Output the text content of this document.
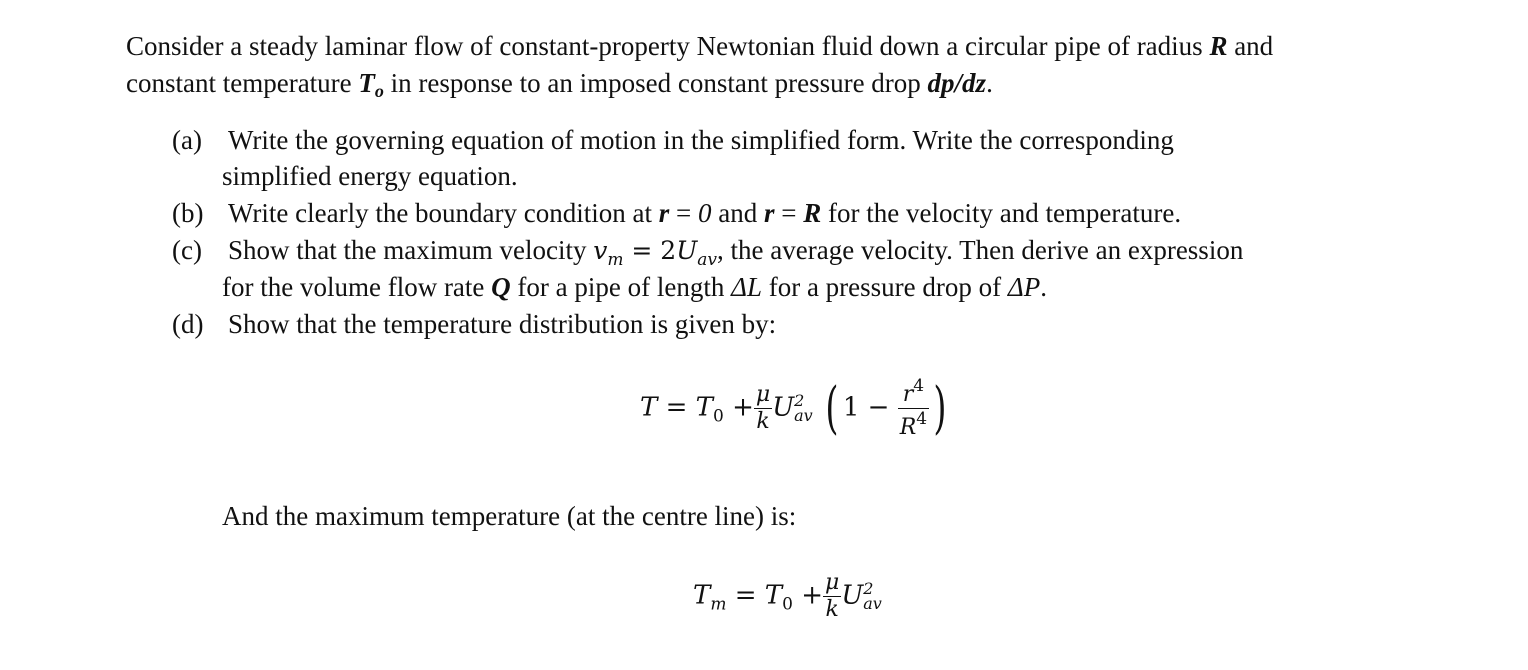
Consider a steady laminar flow of constant-property Newtonian fluid down a circular pipe of radius R and
constant temperature To in response to an imposed constant pressure drop dp/dz.
(a) Write the governing equation of motion in the simplified form. Write the corresponding
simplified energy equation.
(b) Write clearly the boundary condition at r = 0 and r = R for the velocity and temperature.
(c) Show that the maximum velocity $v_m = 2U_{av}$, the average velocity. Then derive an expression
for the volume flow rate Q for a pipe of length ΔL for a pressure drop of ΔP.
(d) Show that the temperature distribution is given by:
$T = T_0 + \frac{\mu}{k}$ U 2
av ( $1 - \frac{r^4}{R^4}$ )
And the maximum temperature (at the centre line) is:
$T_m = T_0 + \frac{\mu}{k}$ U 2
av
